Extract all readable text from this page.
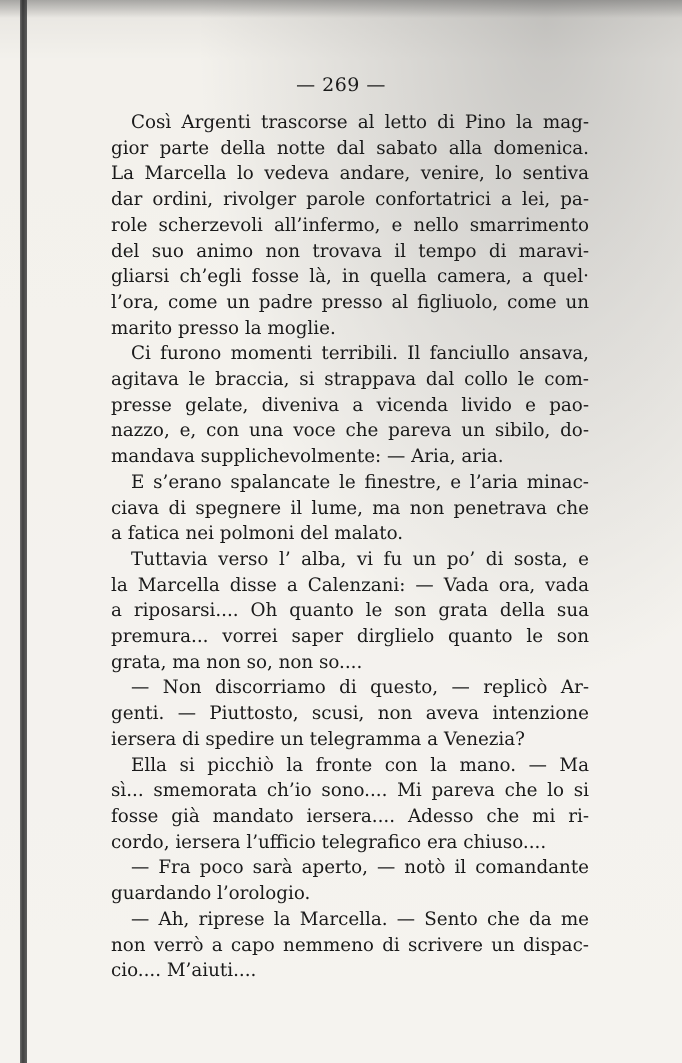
— 269 —

Così Argenti trascorse al letto di Pino la mag-
gior parte della notte dal sabato alla domenica.
La Marcella lo vedeva andare, venire, lo sentiva
dar ordini, rivolger parole confortatrici a lei, pa-
role scherzevoli all’infermo, e nello smarrimento
del suo animo non trovava il tempo di maravi-
gliarsi ch’egli fosse là, in quella camera, a quel·
l’ora, come un padre presso al figliuolo, come un
marito presso la moglie.

Ci furono momenti terribili. Il fanciullo ansava,
agitava le braccia, si strappava dal collo le com-
presse gelate, diveniva a vicenda livido e pao-
nazzo, e, con una voce che pareva un sibilo, do-
mandava supplichevolmente: — Aria, aria.

E s’erano spalancate le finestre, e l’aria minac-
ciava di spegnere il lume, ma non penetrava che
a fatica nei polmoni del malato.

Tuttavia verso l’ alba, vi fu un po’ di sosta, e
la Marcella disse a Calenzani: — Vada ora, vada
a riposarsi.... Oh quanto le son grata della sua
premura... vorrei saper dirglielo quanto le son
grata, ma non so, non so....

— Non discorriamo di questo, — replicò Ar-
genti. — Piuttosto, scusi, non aveva intenzione
iersera di spedire un telegramma a Venezia?

Ella si picchiò la fronte con la mano. — Ma
sì... smemorata ch’io sono.... Mi pareva che lo si
fosse già mandato iersera.... Adesso che mi ri-
cordo, iersera l’ufficio telegrafico era chiuso....

— Fra poco sarà aperto, — notò il comandante
guardando l’orologio.

— Ah, riprese la Marcella. — Sento che da me
non verrò a capo nemmeno di scrivere un dispac-
cio.... M’aiuti....
